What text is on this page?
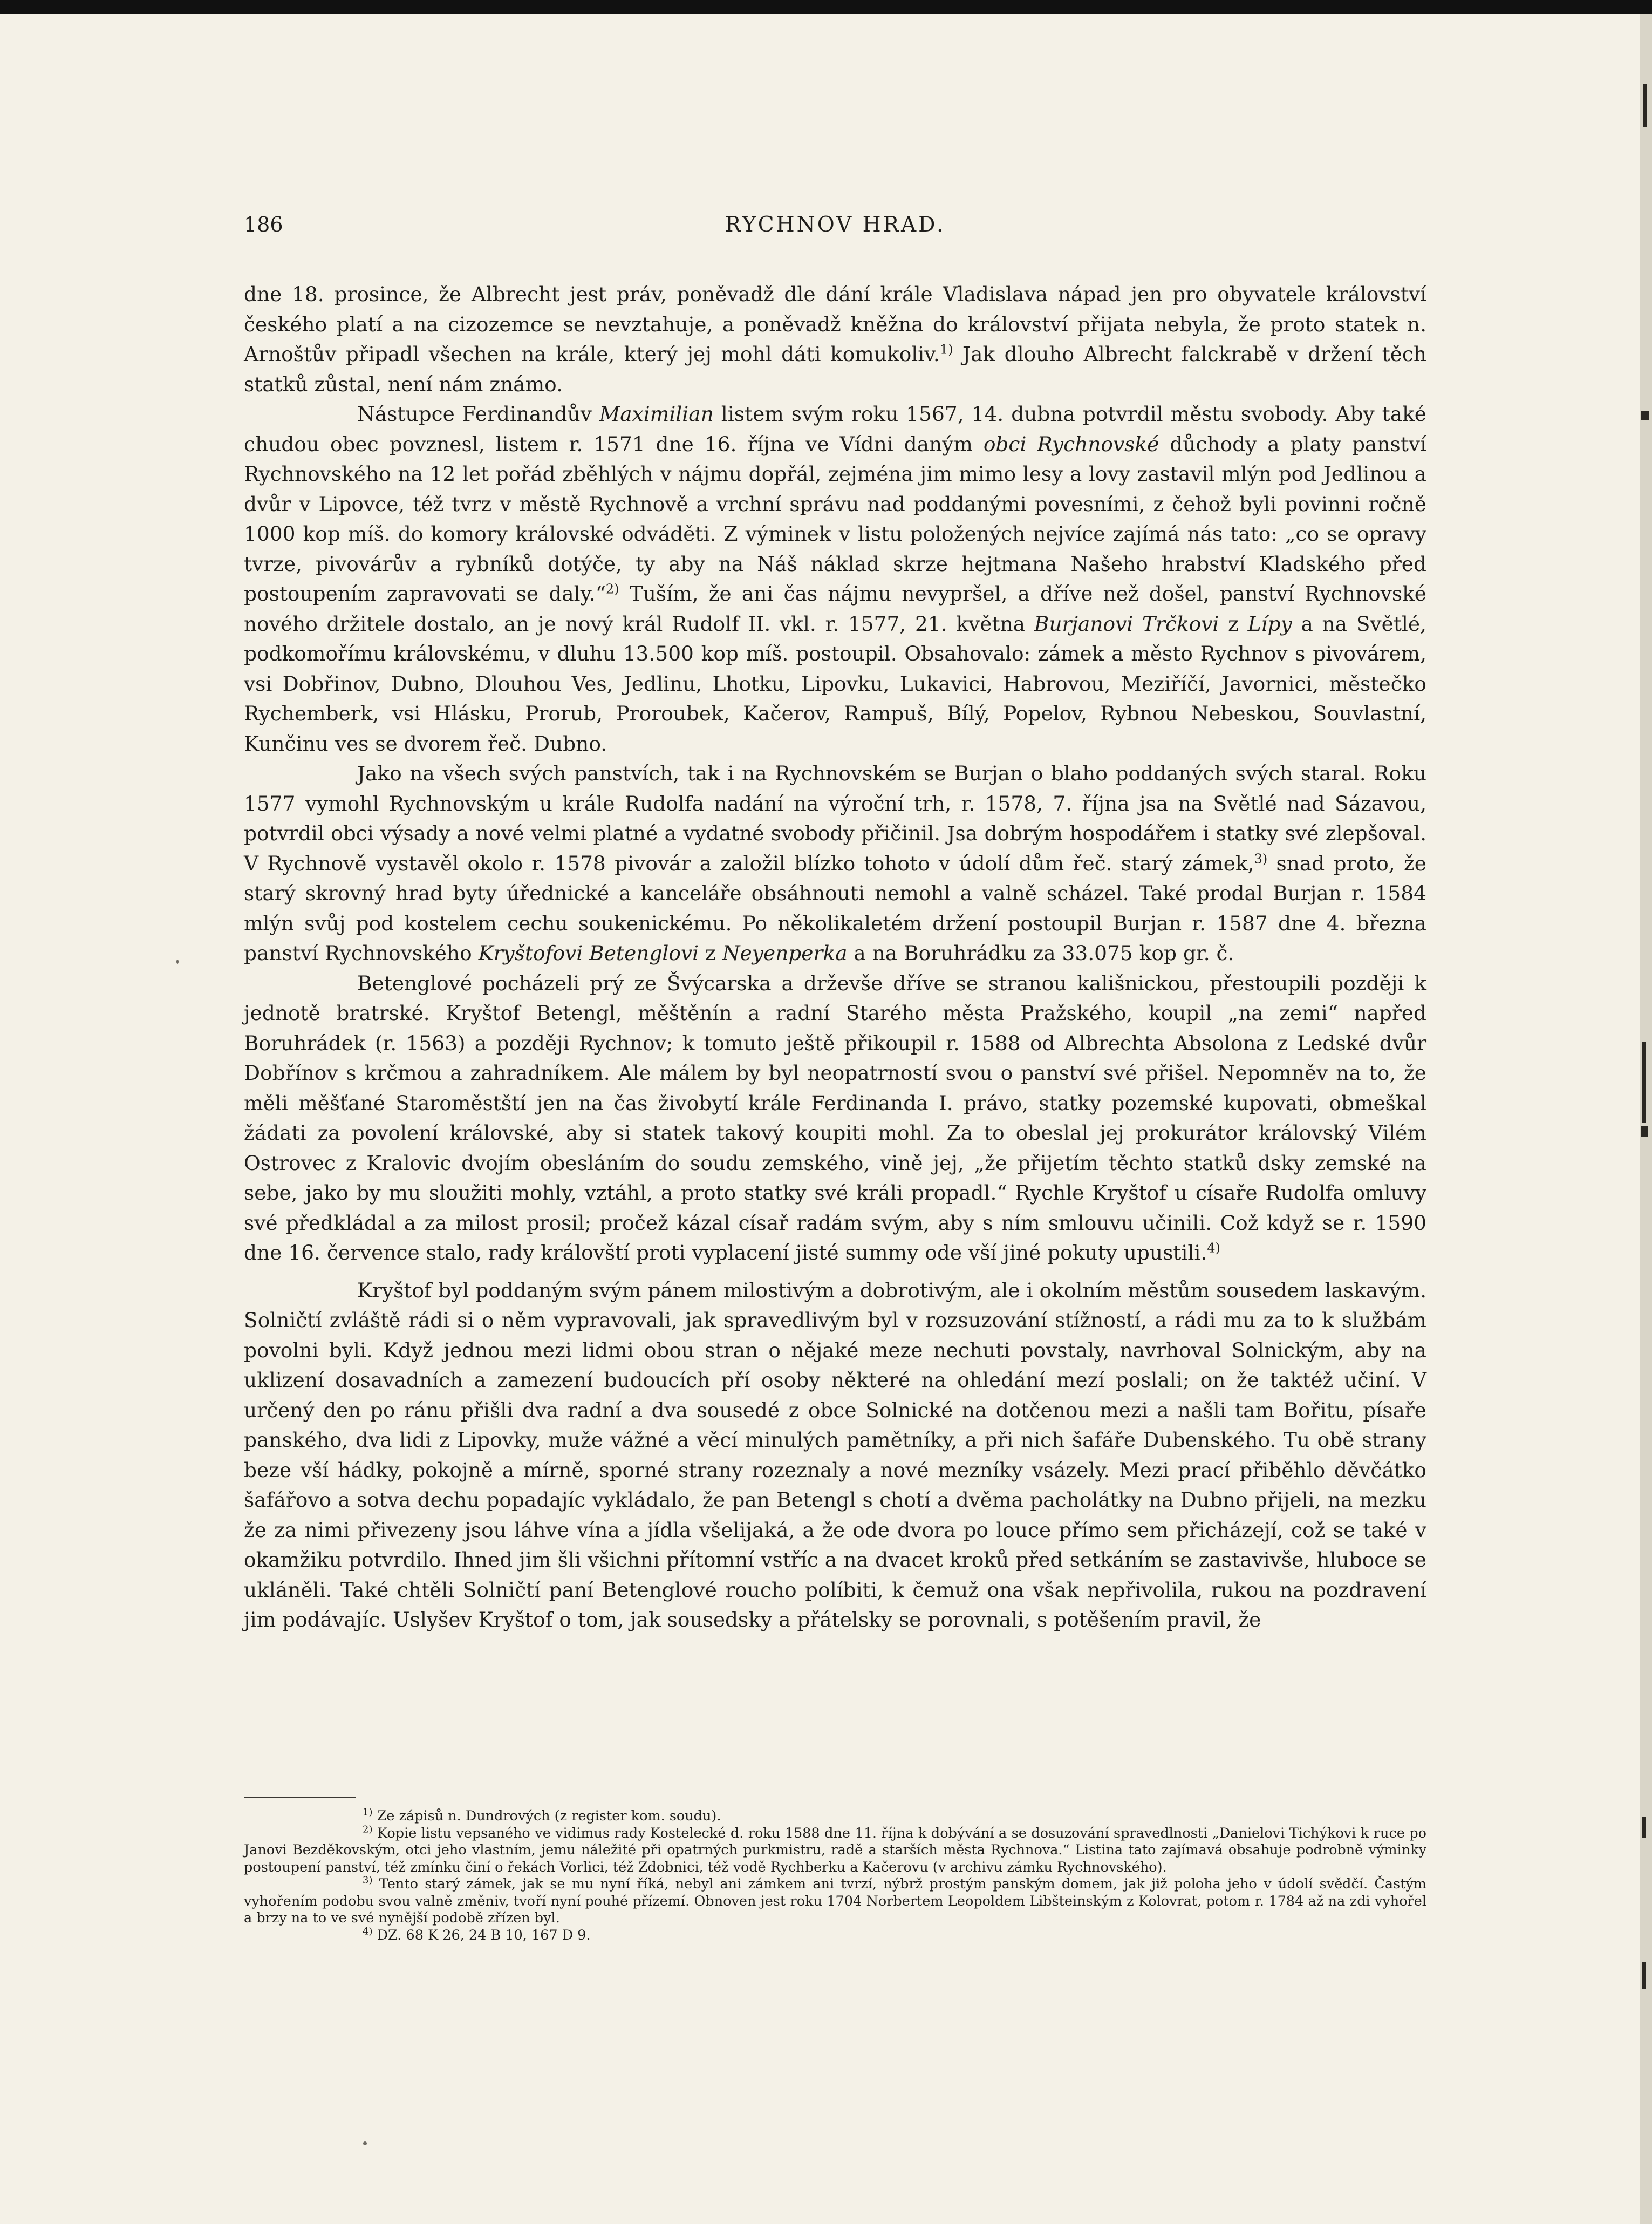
186	RYCHNOV HRAD.

dne 18. prosince, že Albrecht jest práv, poněvadž dle dání krále Vladislava nápad jen pro obyvatele království českého platí a na cizozemce se nevztahuje, a poněvadž kněžna do království přijata nebyla, že proto statek n. Arnoštův připadl všechen na krále, který jej mohl dáti komukoliv.$^{1)}$ Jak dlouho Albrecht falckrabě v držení těch statků zůstal, není nám známo.

Nástupce Ferdinandův Maximilian listem svým roku 1567, 14. dubna potvrdil městu svobody. Aby také chudou obec povznesl, listem r. 1571 dne 16. října ve Vídni daným obci Rychnovské důchody a platy panství Rychnovského na 12 let pořád zběhlých v nájmu dopřál, zejména jim mimo lesy a lovy zastavil mlýn pod Jedlinou a dvůr v Lipovce, též tvrz v městě Rychnově a vrchní správu nad poddanými povesními, z čehož byli povinni ročně 1000 kop míš. do komory královské odváděti. Z výminek v listu položených nejvíce zajímá nás tato: „co se opravy tvrze, pivovárův a rybníků dotýče, ty aby na Náš náklad skrze hejtmana Našeho hrabství Kladského před postoupením zapravovati se daly.“$^{2)}$ Tuším, že ani čas nájmu nevypršel, a dříve než došel, panství Rychnovské nového držitele dostalo, an je nový král Rudolf II. vkl. r. 1577, 21. května Burjanovi Trčkovi z Lípy a na Světlé, podkomořímu královskému, v dluhu 13.500 kop míš. postoupil. Obsahovalo: zámek a město Rychnov s pivovárem, vsi Dobřinov, Dubno, Dlouhou Ves, Jedlinu, Lhotku, Lipovku, Lukavici, Habrovou, Meziříčí, Javornici, městečko Rychemberk, vsi Hlásku, Prorub, Proroubek, Kačerov, Rampuš, Bílý, Popelov, Rybnou Nebeskou, Souvlastní, Kunčinu ves se dvorem řeč. Dubno.

Jako na všech svých panstvích, tak i na Rychnovském se Burjan o blaho poddaných svých staral. Roku 1577 vymohl Rychnovským u krále Rudolfa nadání na výroční trh, r. 1578, 7. října jsa na Světlé nad Sázavou, potvrdil obci výsady a nové velmi platné a vydatné svobody přičinil. Jsa dobrým hospodářem i statky své zlepšoval. V Rychnově vystavěl okolo r. 1578 pivovár a založil blízko tohoto v údolí dům řeč. starý zámek,$^{3)}$ snad proto, že starý skrovný hrad byty úřednické a kanceláře obsáhnouti nemohl a valně scházel. Také prodal Burjan r. 1584 mlýn svůj pod kostelem cechu soukenickému. Po několikaletém držení postoupil Burjan r. 1587 dne 4. března panství Rychnovského Kryštofovi Betenglovi z Neyenperka a na Boruhrádku za 33.075 kop gr. č.

Betenglové pocházeli prý ze Švýcarska a drževše dříve se stranou kališnickou, přestoupili později k jednotě bratrské. Kryštof Betengl, měštěnín a radní Starého města Pražského, koupil „na zemi“ napřed Boruhrádek (r. 1563) a později Rychnov; k tomuto ještě přikoupil r. 1588 od Albrechta Absolona z Ledské dvůr Dobřínov s krčmou a zahradníkem. Ale málem by byl neopatrností svou o panství své přišel. Nepomněv na to, že měli měšťané Staroměstští jen na čas živobytí krále Ferdinanda I. právo, statky pozemské kupovati, obmeškal žádati za povolení královské, aby si statek takový koupiti mohl. Za to obeslal jej prokurátor královský Vilém Ostrovec z Kralovic dvojím obesláním do soudu zemského, vině jej, „že přijetím těchto statků dsky zemské na sebe, jako by mu sloužiti mohly, vztáhl, a proto statky své králi propadl.“ Rychle Kryštof u císaře Rudolfa omluvy své předkládal a za milost prosil; pročež kázal císař radám svým, aby s ním smlouvu učinili. Což když se r. 1590 dne 16. července stalo, rady královští proti vyplacení jisté summy ode vší jiné pokuty upustili.$^{4)}$

Kryštof byl poddaným svým pánem milostivým a dobrotivým, ale i okolním městům sousedem laskavým. Solničtí zvláště rádi si o něm vypravovali, jak spravedlivým byl v rozsuzování stížností, a rádi mu za to k službám povolni byli. Když jednou mezi lidmi obou stran o nějaké meze nechuti povstaly, navrhoval Solnickým, aby na uklizení dosavadních a zamezení budoucích pří osoby některé na ohledání mezí poslali; on že taktéž učiní. V určený den po ránu přišli dva radní a dva sousedé z obce Solnické na dotčenou mezi a našli tam Bořitu, písaře panského, dva lidi z Lipovky, muže vážné a věcí minulých pamětníky, a při nich šafáře Dubenského. Tu obě strany beze vší hádky, pokojně a mírně, sporné strany rozeznaly a nové mezníky vsázely. Mezi prací přiběhlo děvčátko šafářovo a sotva dechu popadajíc vykládalo, že pan Betengl s chotí a dvěma pacholátky na Dubno přijeli, na mezku že za nimi přivezeny jsou láhve vína a jídla všelijaká, a že ode dvora po louce přímo sem přicházejí, což se také v okamžiku potvrdilo. Ihned jim šli všichni přítomní vstříc a na dvacet kroků před setkáním se zastavivše, hluboce se ukláněli. Také chtěli Solničtí paní Betenglové roucho políbiti, k čemuž ona však nepřivolila, rukou na pozdravení jim podávajíc. Uslyšev Kryštof o tom, jak sousedsky a přátelsky se porovnali, s potěšením pravil, že

$^{1)}$ Ze zápisů n. Dundrových (z register kom. soudu).

$^{2)}$ Kopie listu vepsaného ve vidimus rady Kostelecké d. roku 1588 dne 11. října k dobývání a se dosuzování spravedlnosti „Danielovi Tichýkovi k ruce po Janovi Bezděkovským, otci jeho vlastním, jemu náležité při opatrných purkmistru, radě a starších města Rychnova.“ Listina tato zajímavá obsahuje podrobně výminky postoupení panství, též zmínku činí o řekách Vorlici, též Zdobnici, též vodě Rychberku a Kačerovu (v archivu zámku Rychnovského).

$^{3)}$ Tento starý zámek, jak se mu nyní říká, nebyl ani zámkem ani tvrzí, nýbrž prostým panským domem, jak již poloha jeho v údolí svědčí. Častým vyhořením podobu svou valně změniv, tvoří nyní pouhé přízemí. Obnoven jest roku 1704 Norbertem Leopoldem Libšteinským z Kolovrat, potom r. 1784 až na zdi vyhořel a brzy na to ve své nynější podobě zřízen byl.

$^{4)}$ DZ. 68 K 26, 24 B 10, 167 D 9.
